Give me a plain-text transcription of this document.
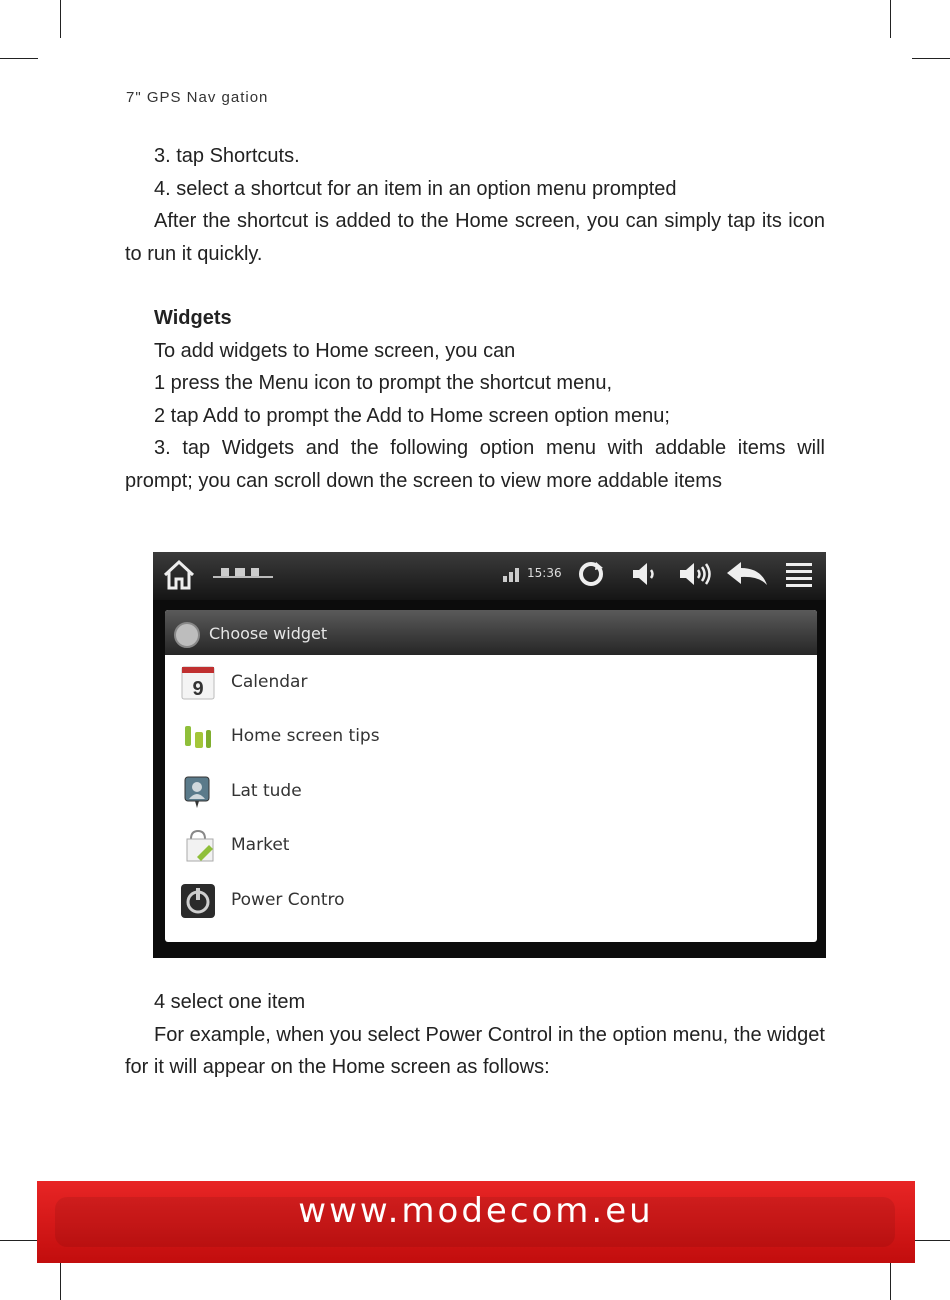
7" GPS Nav gation

3. tap Shortcuts.

4. select a shortcut for an item in an option menu prompted

After the shortcut is added to the Home screen, you can simply tap its icon to run it quickly.

Widgets

To add widgets to Home screen, you can

1 press the Menu icon to prompt the shortcut menu,

2 tap Add to prompt the Add to Home screen option menu;

3. tap Widgets and the following option menu with addable items will prompt; you can scroll down the screen to view more addable items

15:36
Choose widget
9 Calendar
Home screen tips
Lat tude
Market
Power Contro

4 select one item

For example, when you select Power Control in the option menu, the widget for it will appear on the Home screen as follows:

www.modecom.eu
